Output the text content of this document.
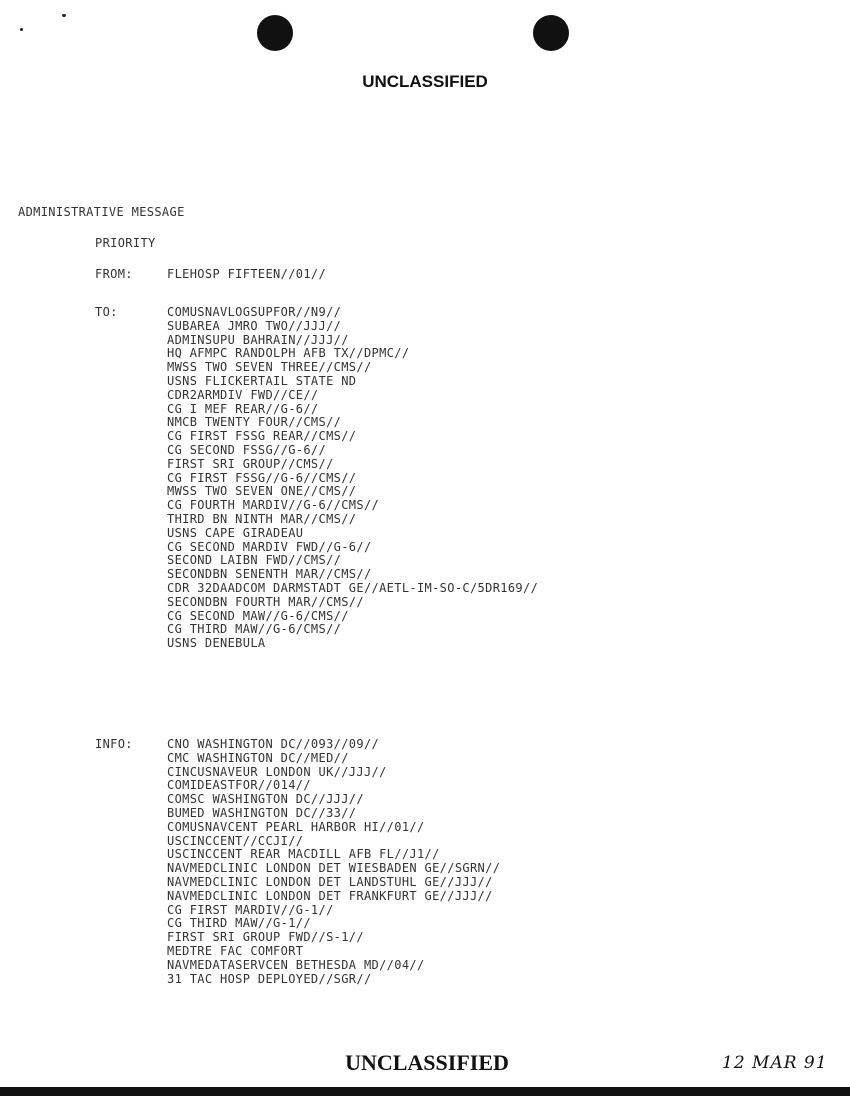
UNCLASSIFIED
ADMINISTRATIVE MESSAGE
PRIORITY
FROM:	FLEHOSP FIFTEEN//01//
TO:	COMUSNAVLOGSUPFOR//N9//
SUBAREA JMRO TWO//JJJ//
ADMINSUPU BAHRAIN//JJJ//
HQ AFMPC RANDOLPH AFB TX//DPMC//
MWSS TWO SEVEN THREE//CMS//
USNS FLICKERTAIL STATE ND
CDR2ARMDIV FWD//CE//
CG I MEF REAR//G-6//
NMCB TWENTY FOUR//CMS//
CG FIRST FSSG REAR//CMS//
CG SECOND FSSG//G-6//
FIRST SRI GROUP//CMS//
CG FIRST FSSG//G-6//CMS//
MWSS TWO SEVEN ONE//CMS//
CG FOURTH MARDIV//G-6//CMS//
THIRD BN NINTH MAR//CMS//
USNS CAPE GIRADEAU
CG SECOND MARDIV FWD//G-6//
SECOND LAIBN FWD//CMS//
SECONDBN SENENTH MAR//CMS//
CDR 32DAADCOM DARMSTADT GE//AETL-IM-SO-C/5DR169//
SECONDBN FOURTH MAR//CMS//
CG SECOND MAW//G-6/CMS//
CG THIRD MAW//G-6/CMS//
USNS DENEBULA
INFO:	CNO WASHINGTON DC//093//09//
CMC WASHINGTON DC//MED//
CINCUSNAVEUR LONDON UK//JJJ//
COMIDEASTFOR//014//
COMSC WASHINGTON DC//JJJ//
BUMED WASHINGTON DC//33//
COMUSNAVCENT PEARL HARBOR HI//01//
USCINCCENT//CCJI//
USCINCCENT REAR MACDILL AFB FL//J1//
NAVMEDCLINIC LONDON DET WIESBADEN GE//SGRN//
NAVMEDCLINIC LONDON DET LANDSTUHL GE//JJJ//
NAVMEDCLINIC LONDON DET FRANKFURT GE//JJJ//
CG FIRST MARDIV//G-1//
CG THIRD MAW//G-1//
FIRST SRI GROUP FWD//S-1//
MEDTRE FAC COMFORT
NAVMEDATASERVCEN BETHESDA MD//04//
31 TAC HOSP DEPLOYED//SGR//
UNCLASSIFIED	12 MAR 91
